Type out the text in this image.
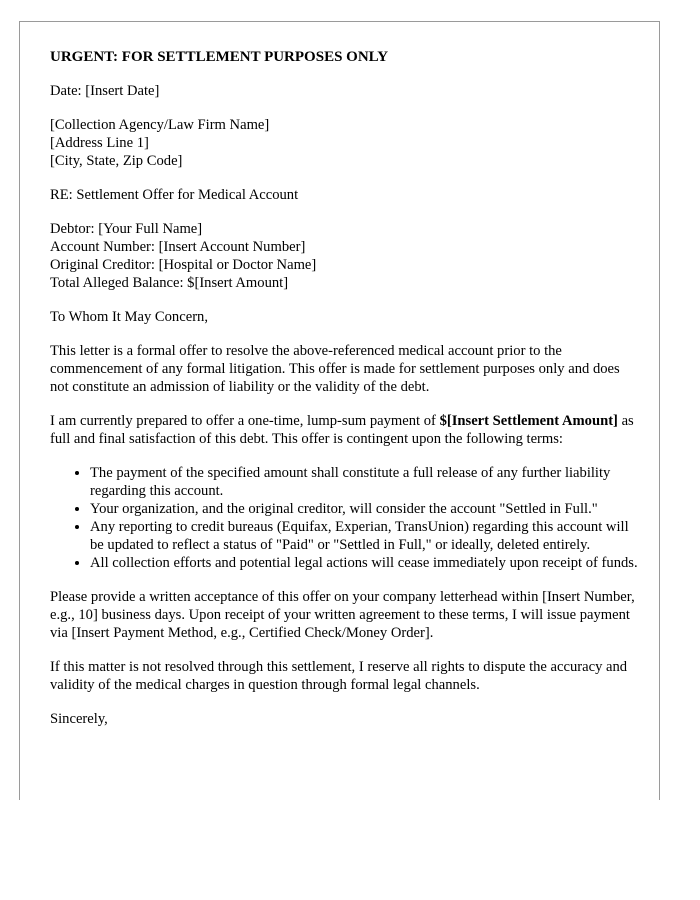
URGENT: FOR SETTLEMENT PURPOSES ONLY

Date: [Insert Date]

[Collection Agency/Law Firm Name]
[Address Line 1]
[City, State, Zip Code]

RE: Settlement Offer for Medical Account

Debtor: [Your Full Name]
Account Number: [Insert Account Number]
Original Creditor: [Hospital or Doctor Name]
Total Alleged Balance: $[Insert Amount]

To Whom It May Concern,

This letter is a formal offer to resolve the above-referenced medical account prior to the commencement of any formal litigation. This offer is made for settlement purposes only and does not constitute an admission of liability or the validity of the debt.

I am currently prepared to offer a one-time, lump-sum payment of $[Insert Settlement Amount] as full and final satisfaction of this debt. This offer is contingent upon the following terms:

• The payment of the specified amount shall constitute a full release of any further liability regarding this account.
• Your organization, and the original creditor, will consider the account "Settled in Full."
• Any reporting to credit bureaus (Equifax, Experian, TransUnion) regarding this account will be updated to reflect a status of "Paid" or "Settled in Full," or ideally, deleted entirely.
• All collection efforts and potential legal actions will cease immediately upon receipt of funds.

Please provide a written acceptance of this offer on your company letterhead within [Insert Number, e.g., 10] business days. Upon receipt of your written agreement to these terms, I will issue payment via [Insert Payment Method, e.g., Certified Check/Money Order].

If this matter is not resolved through this settlement, I reserve all rights to dispute the accuracy and validity of the medical charges in question through formal legal channels.

Sincerely,
